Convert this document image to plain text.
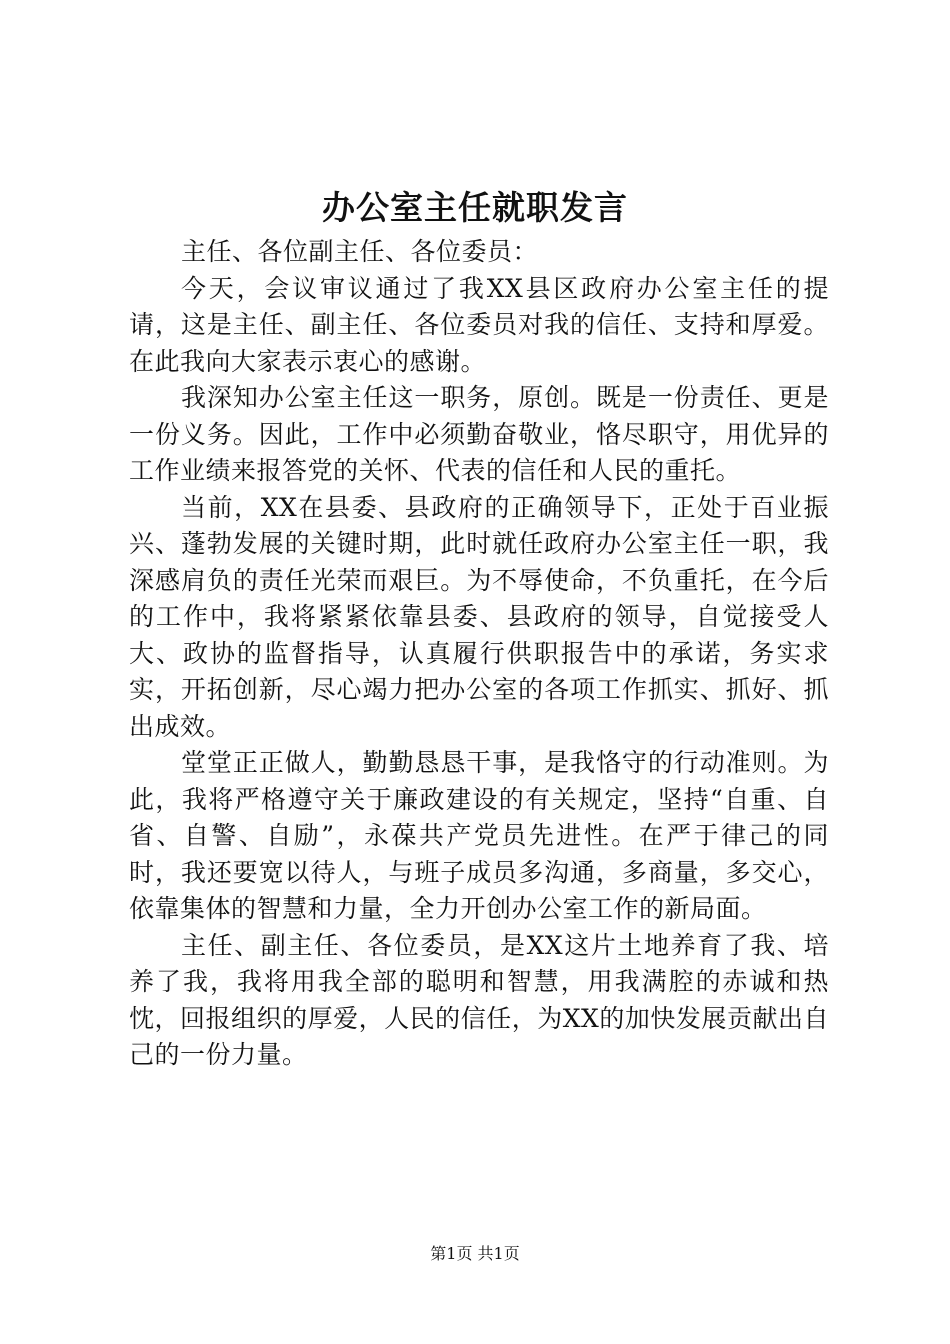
办公室主任就职发言

主任、各位副主任、各位委员：

今天，会议审议通过了我XX县区政府办公室主任的提请，这是主任、副主任、各位委员对我的信任、支持和厚爱。在此我向大家表示衷心的感谢。

我深知办公室主任这一职务，原创。既是一份责任、更是一份义务。因此，工作中必须勤奋敬业，恪尽职守，用优异的工作业绩来报答党的关怀、代表的信任和人民的重托。

当前，XX在县委、县政府的正确领导下，正处于百业振兴、蓬勃发展的关键时期，此时就任政府办公室主任一职，我深感肩负的责任光荣而艰巨。为不辱使命，不负重托，在今后的工作中，我将紧紧依靠县委、县政府的领导，自觉接受人大、政协的监督指导，认真履行供职报告中的承诺，务实求实，开拓创新，尽心竭力把办公室的各项工作抓实、抓好、抓出成效。

堂堂正正做人，勤勤恳恳干事，是我恪守的行动准则。为此，我将严格遵守关于廉政建设的有关规定，坚持“自重、自省、自警、自励”，永葆共产党员先进性。在严于律己的同时，我还要宽以待人，与班子成员多沟通，多商量，多交心，依靠集体的智慧和力量，全力开创办公室工作的新局面。

主任、副主任、各位委员，是XX这片土地养育了我、培养了我，我将用我全部的聪明和智慧，用我满腔的赤诚和热忱，回报组织的厚爱，人民的信任，为XX的加快发展贡献出自己的一份力量。

第1页 共1页
